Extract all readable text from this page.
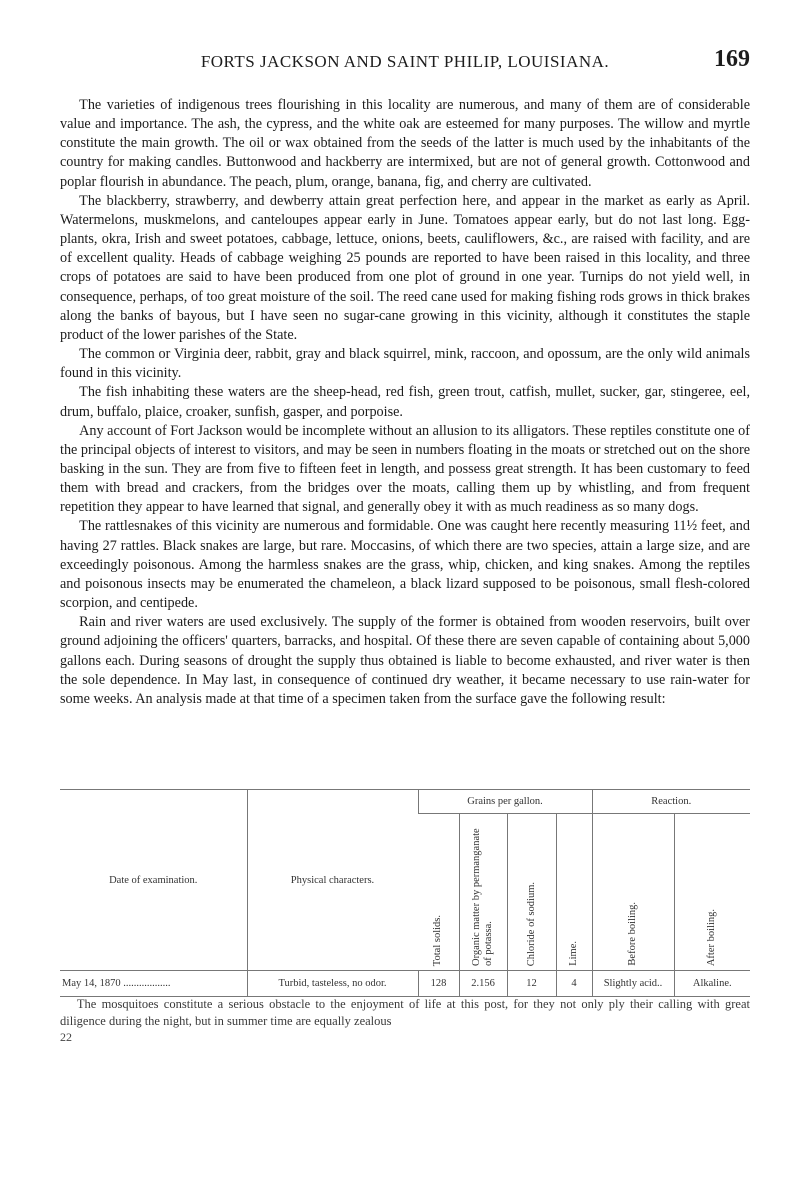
FORTS JACKSON AND SAINT PHILIP, LOUISIANA.	169

The varieties of indigenous trees flourishing in this locality are numerous, and many of them are of considerable value and importance. The ash, the cypress, and the white oak are esteemed for many purposes. The willow and myrtle constitute the main growth. The oil or wax obtained from the seeds of the latter is much used by the inhabitants of the country for making candles. Buttonwood and hackberry are intermixed, but are not of general growth. Cottonwood and poplar flourish in abundance. The peach, plum, orange, banana, fig, and cherry are cultivated.

The blackberry, strawberry, and dewberry attain great perfection here, and appear in the market as early as April. Watermelons, muskmelons, and canteloupes appear early in June. Tomatoes appear early, but do not last long. Egg-plants, okra, Irish and sweet potatoes, cabbage, lettuce, onions, beets, cauliflowers, &c., are raised with facility, and are of excellent quality. Heads of cabbage weighing 25 pounds are reported to have been raised in this locality, and three crops of potatoes are said to have been produced from one plot of ground in one year. Turnips do not yield well, in consequence, perhaps, of too great moisture of the soil. The reed cane used for making fishing rods grows in thick brakes along the banks of bayous, but I have seen no sugar-cane growing in this vicinity, although it constitutes the staple product of the lower parishes of the State.

The common or Virginia deer, rabbit, gray and black squirrel, mink, raccoon, and opossum, are the only wild animals found in this vicinity.

The fish inhabiting these waters are the sheep-head, red fish, green trout, catfish, mullet, sucker, gar, stingeree, eel, drum, buffalo, plaice, croaker, sunfish, gasper, and porpoise.

Any account of Fort Jackson would be incomplete without an allusion to its alligators. These reptiles constitute one of the principal objects of interest to visitors, and may be seen in numbers floating in the moats or stretched out on the shore basking in the sun. They are from five to fifteen feet in length, and possess great strength. It has been customary to feed them with bread and crackers, from the bridges over the moats, calling them up by whistling, and from frequent repetition they appear to have learned that signal, and generally obey it with as much readiness as so many dogs.

The rattlesnakes of this vicinity are numerous and formidable. One was caught here recently measuring 11½ feet, and having 27 rattles. Black snakes are large, but rare. Moccasins, of which there are two species, attain a large size, and are exceedingly poisonous. Among the harmless snakes are the grass, whip, chicken, and king snakes. Among the reptiles and poisonous insects may be enumerated the chameleon, a black lizard supposed to be poisonous, small flesh-colored scorpion, and centipede.

Rain and river waters are used exclusively. The supply of the former is obtained from wooden reservoirs, built over ground adjoining the officers' quarters, barracks, and hospital. Of these there are seven capable of containing about 5,000 gallons each. During seasons of drought the supply thus obtained is liable to become exhausted, and river water is then the sole dependence. In May last, in consequence of continued dry weather, it became necessary to use rain-water for some weeks. An analysis made at that time of a specimen taken from the surface gave the following result:

Date of examination.	Physical characters.	Grains per gallon.				Reaction.	

		Total solids.	Organic matter by permanganate of potassa.	Chloride of sodium.	Lime.	Before boiling.	After boiling.

May 14, 1870 ..................	Turbid, tasteless, no odor.	128	2.156	12	4	Slightly acid..	Alkaline.

The mosquitoes constitute a serious obstacle to the enjoyment of life at this post, for they not only ply their calling with great diligence during the night, but in summer time are equally zealous

22
